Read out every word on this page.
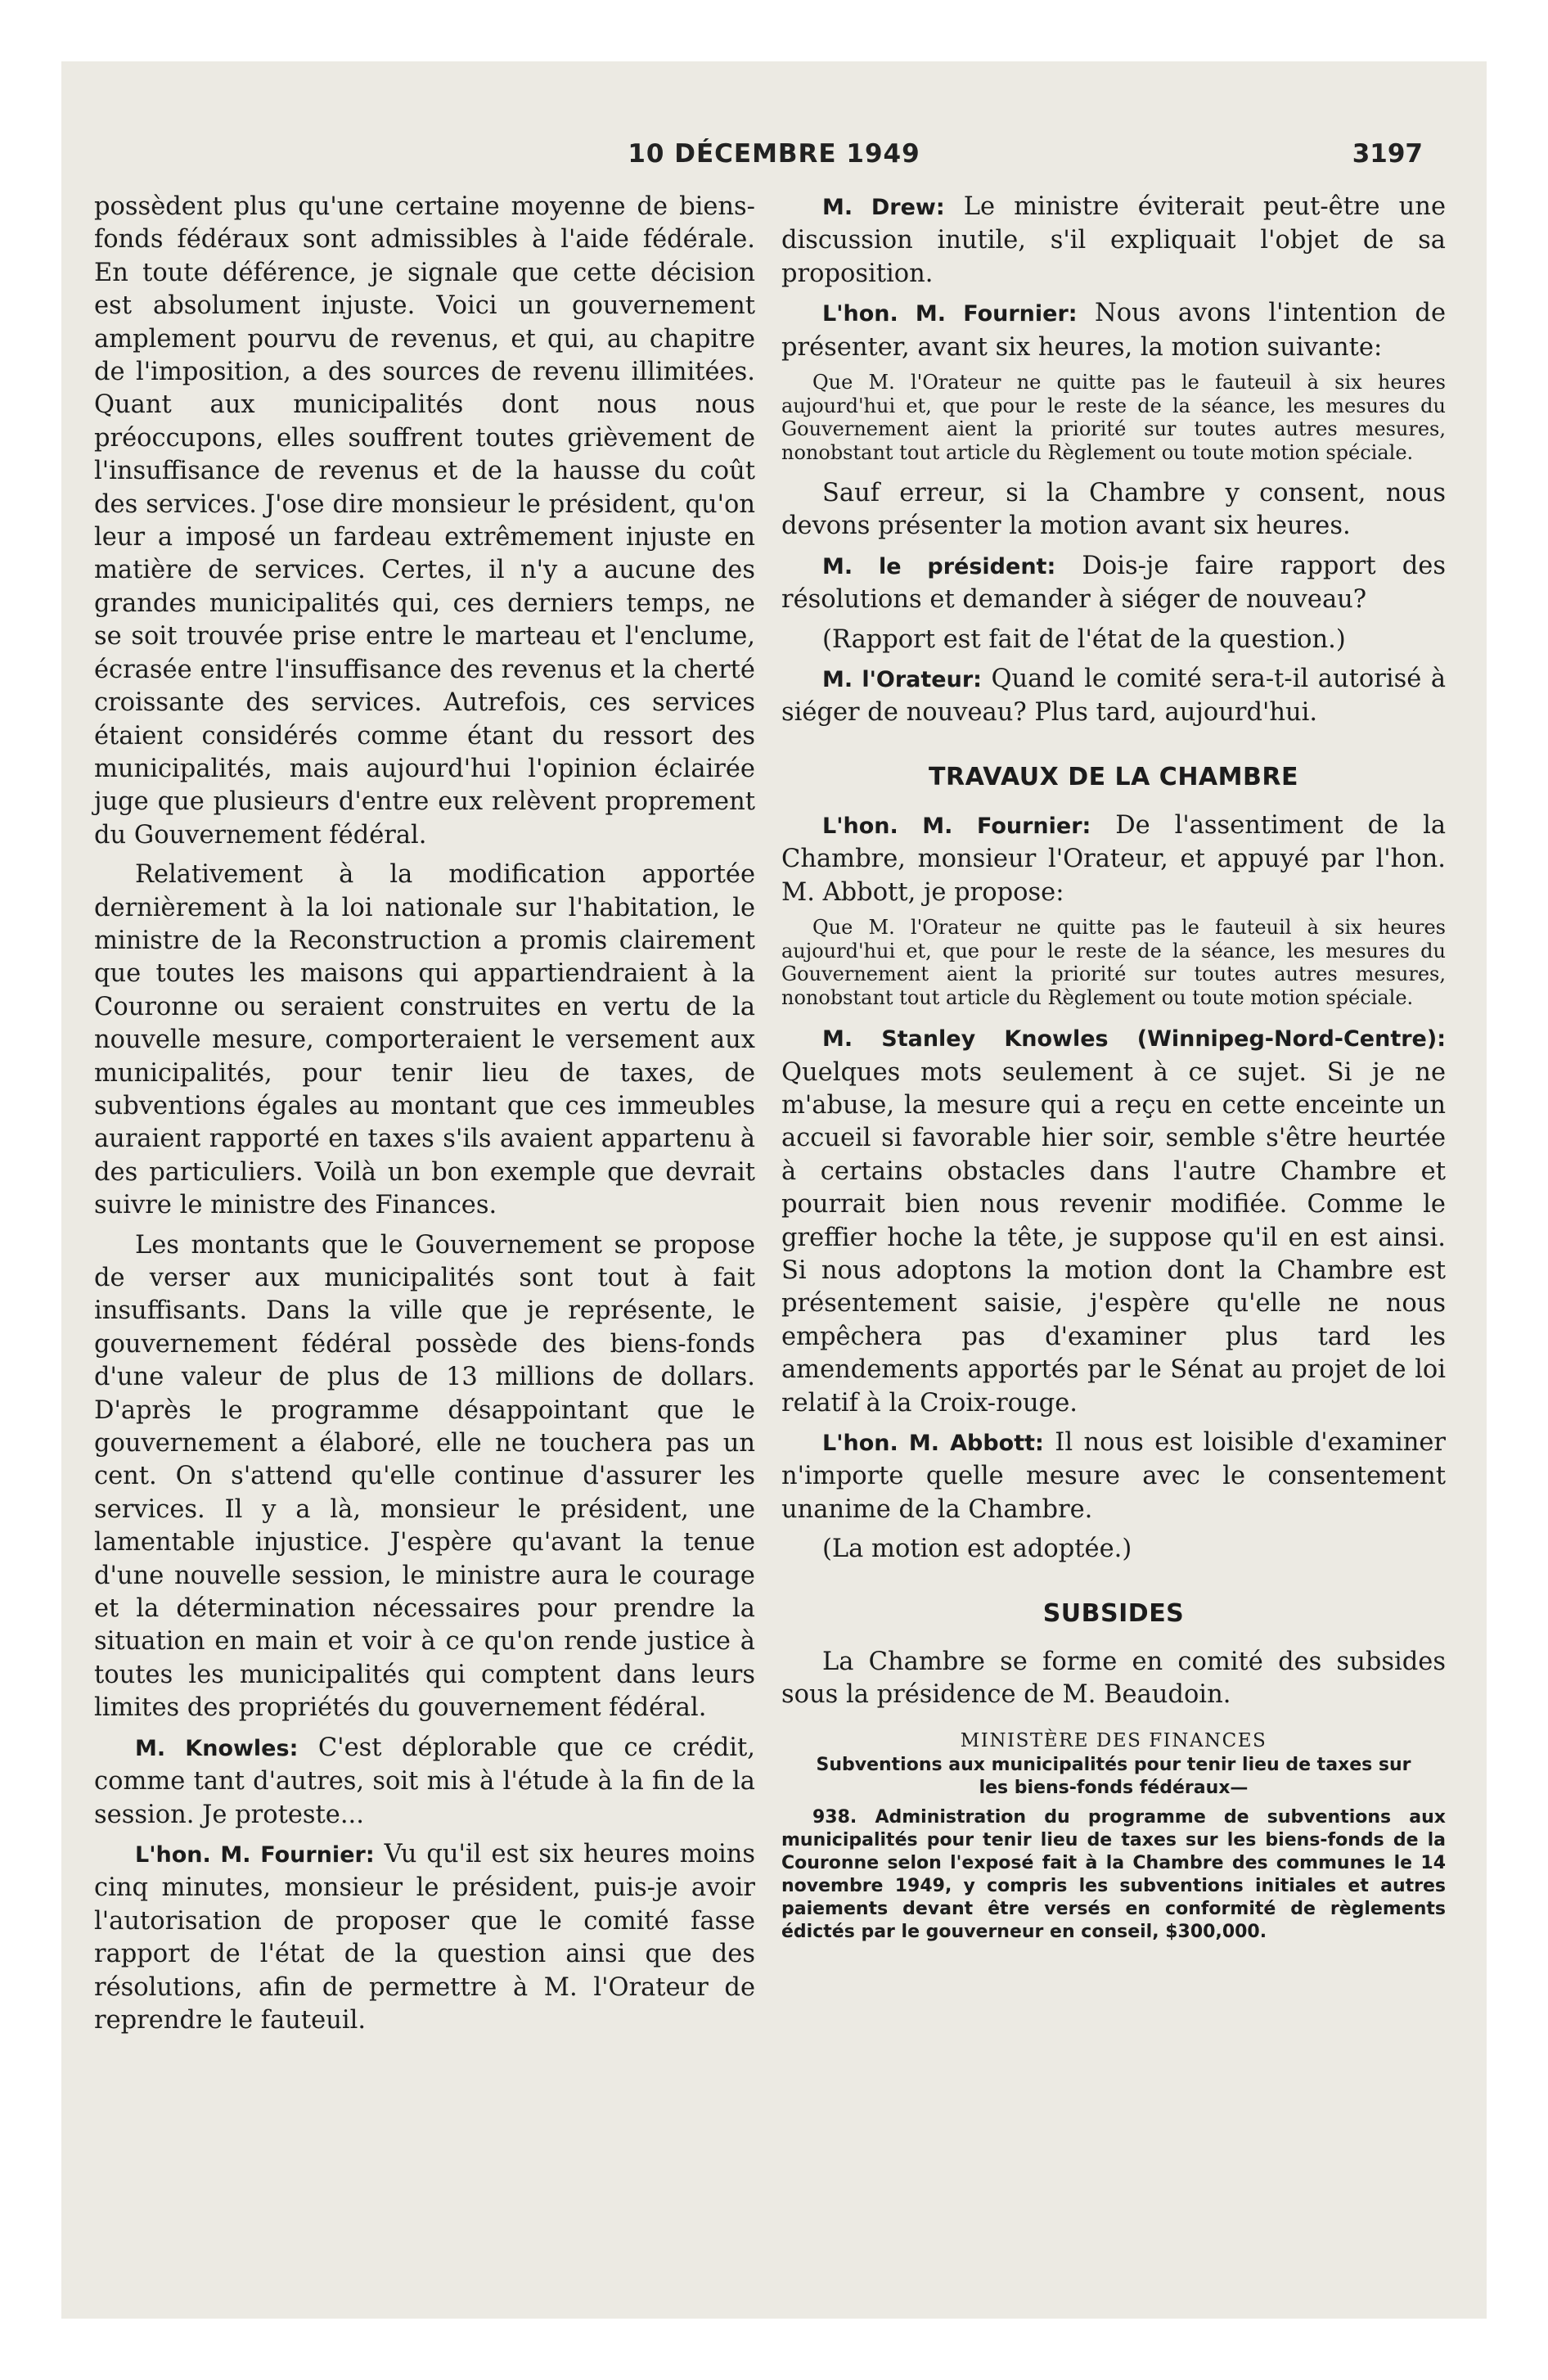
10 DÉCEMBRE 1949	3197

possèdent plus qu'une certaine moyenne de biens-fonds fédéraux sont admissibles à l'aide fédérale. En toute déférence, je signale que cette décision est absolument injuste. Voici un gouvernement amplement pourvu de revenus, et qui, au chapitre de l'imposition, a des sources de revenu illimitées. Quant aux municipalités dont nous nous préoccupons, elles souffrent toutes grièvement de l'insuffisance de revenus et de la hausse du coût des services. J'ose dire monsieur le président, qu'on leur a imposé un fardeau extrêmement injuste en matière de services. Certes, il n'y a aucune des grandes municipalités qui, ces derniers temps, ne se soit trouvée prise entre le marteau et l'enclume, écrasée entre l'insuffisance des revenus et la cherté croissante des services. Autrefois, ces services étaient considérés comme étant du ressort des municipalités, mais aujourd'hui l'opinion éclairée juge que plusieurs d'entre eux relèvent proprement du Gouvernement fédéral.

Relativement à la modification apportée dernièrement à la loi nationale sur l'habitation, le ministre de la Reconstruction a promis clairement que toutes les maisons qui appartiendraient à la Couronne ou seraient construites en vertu de la nouvelle mesure, comporteraient le versement aux municipalités, pour tenir lieu de taxes, de subventions égales au montant que ces immeubles auraient rapporté en taxes s'ils avaient appartenu à des particuliers. Voilà un bon exemple que devrait suivre le ministre des Finances.

Les montants que le Gouvernement se propose de verser aux municipalités sont tout à fait insuffisants. Dans la ville que je représente, le gouvernement fédéral possède des biens-fonds d'une valeur de plus de 13 millions de dollars. D'après le programme désappointant que le gouvernement a élaboré, elle ne touchera pas un cent. On s'attend qu'elle continue d'assurer les services. Il y a là, monsieur le président, une lamentable injustice. J'espère qu'avant la tenue d'une nouvelle session, le ministre aura le courage et la détermination nécessaires pour prendre la situation en main et voir à ce qu'on rende justice à toutes les municipalités qui comptent dans leurs limites des propriétés du gouvernement fédéral.

M. Knowles: C'est déplorable que ce crédit, comme tant d'autres, soit mis à l'étude à la fin de la session. Je proteste...

L'hon. M. Fournier: Vu qu'il est six heures moins cinq minutes, monsieur le président, puis-je avoir l'autorisation de proposer que le comité fasse rapport de l'état de la question ainsi que des résolutions, afin de permettre à M. l'Orateur de reprendre le fauteuil.

M. Drew: Le ministre éviterait peut-être une discussion inutile, s'il expliquait l'objet de sa proposition.

L'hon. M. Fournier: Nous avons l'intention de présenter, avant six heures, la motion suivante:

Que M. l'Orateur ne quitte pas le fauteuil à six heures aujourd'hui et, que pour le reste de la séance, les mesures du Gouvernement aient la priorité sur toutes autres mesures, nonobstant tout article du Règlement ou toute motion spéciale.

Sauf erreur, si la Chambre y consent, nous devons présenter la motion avant six heures.

M. le président: Dois-je faire rapport des résolutions et demander à siéger de nouveau?

(Rapport est fait de l'état de la question.)

M. l'Orateur: Quand le comité sera-t-il autorisé à siéger de nouveau? Plus tard, aujourd'hui.

TRAVAUX DE LA CHAMBRE

L'hon. M. Fournier: De l'assentiment de la Chambre, monsieur l'Orateur, et appuyé par l'hon. M. Abbott, je propose:

Que M. l'Orateur ne quitte pas le fauteuil à six heures aujourd'hui et, que pour le reste de la séance, les mesures du Gouvernement aient la priorité sur toutes autres mesures, nonobstant tout article du Règlement ou toute motion spéciale.

M. Stanley Knowles (Winnipeg-Nord-Centre): Quelques mots seulement à ce sujet. Si je ne m'abuse, la mesure qui a reçu en cette enceinte un accueil si favorable hier soir, semble s'être heurtée à certains obstacles dans l'autre Chambre et pourrait bien nous revenir modifiée. Comme le greffier hoche la tête, je suppose qu'il en est ainsi. Si nous adoptons la motion dont la Chambre est présentement saisie, j'espère qu'elle ne nous empêchera pas d'examiner plus tard les amendements apportés par le Sénat au projet de loi relatif à la Croix-rouge.

L'hon. M. Abbott: Il nous est loisible d'examiner n'importe quelle mesure avec le consentement unanime de la Chambre.

(La motion est adoptée.)

SUBSIDES

La Chambre se forme en comité des subsides sous la présidence de M. Beaudoin.

MINISTÈRE DES FINANCES
Subventions aux municipalités pour tenir lieu de taxes sur les biens-fonds fédéraux—

938. Administration du programme de subventions aux municipalités pour tenir lieu de taxes sur les biens-fonds de la Couronne selon l'exposé fait à la Chambre des communes le 14 novembre 1949, y compris les subventions initiales et autres paiements devant être versés en conformité de règlements édictés par le gouverneur en conseil, $300,000.
